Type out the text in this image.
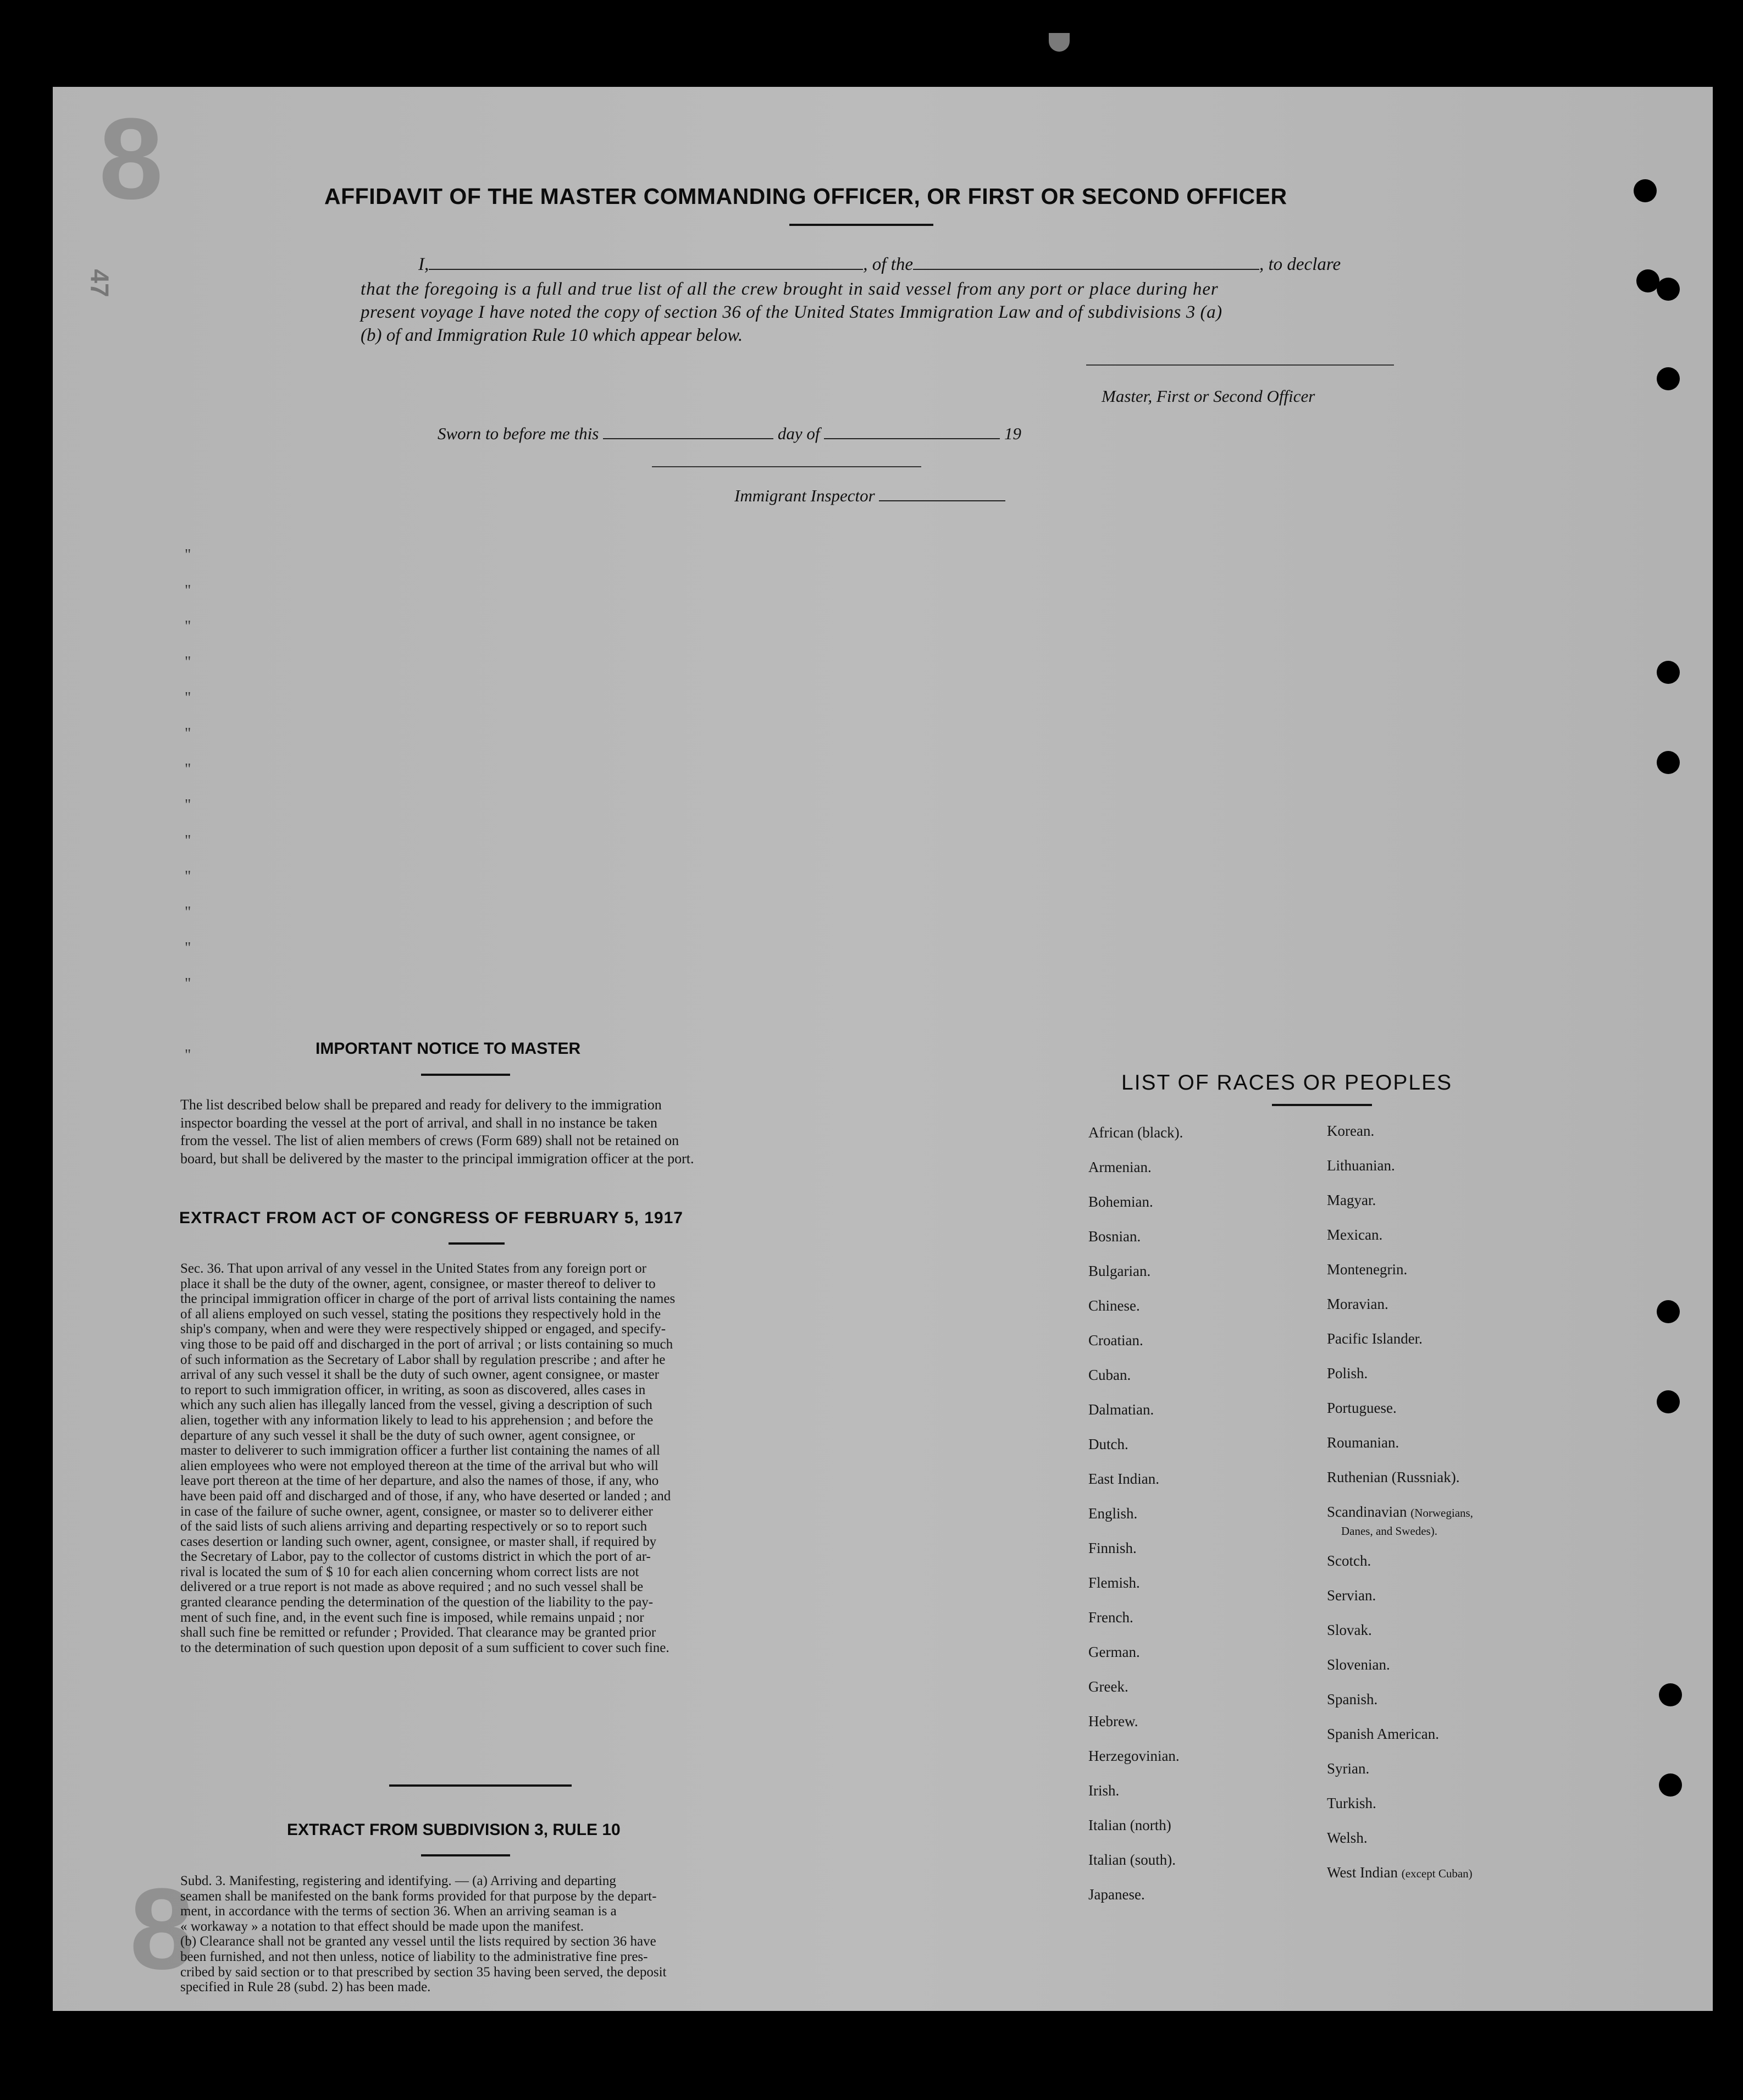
8
47
8

AFFIDAVIT OF THE MASTER COMMANDING OFFICER, OR FIRST OR SECOND OFFICER
I,	, of the	, to declare
that the foregoing is a full and true list of all the crew brought in said vessel from any port or place during her
present voyage I have noted the copy of section 36 of the United States Immigration Law and of subdivisions 3 (a)
(b) of and Immigration Rule 10 which appear below.
Master, First or Second Officer
Sworn to before me this	day of	19
Immigrant Inspector
"
"
"
"
"
"
"
"
"
"
"
"
"
"	IMPORTANT NOTICE TO MASTER

The list described below shall be prepared and ready for delivery to the immigration

inspector boarding the vessel at the port of arrival, and shall in no instance be taken

from the vessel. The list of alien members of crews (Form 689) shall not be retained on

board, but shall be delivered by the master to the principal immigration officer at the port.

EXTRACT FROM ACT OF CONGRESS OF FEBRUARY 5, 1917

Sec. 36. That upon arrival of any vessel in the United States from any foreign port or

place it shall be the duty of the owner, agent, consignee, or master thereof to deliver to

the principal immigration officer in charge of the port of arrival lists containing the names

of all aliens employed on such vessel, stating the positions they respectively hold in the

ship's company, when and were they were respectively shipped or engaged, and specify-

ving those to be paid off and discharged in the port of arrival ; or lists containing so much

of such information as the Secretary of Labor shall by regulation prescribe ; and after he

arrival of any such vessel it shall be the duty of such owner, agent consignee, or master

to report to such immigration officer, in writing, as soon as discovered, alles cases in

which any such alien has illegally lanced from the vessel, giving a description of such

alien, together with any information likely to lead to his apprehension ; and before the

departure of any such vessel it shall be the duty of such owner, agent consignee, or

master to deliverer to such immigration officer a further list containing the names of all

alien employees who were not employed thereon at the time of the arrival but who will

leave port thereon at the time of her departure, and also the names of those, if any, who

have been paid off and discharged and of those, if any, who have deserted or landed ; and

in case of the failure of suche owner, agent, consignee, or master so to deliverer either

of the said lists of such aliens arriving and departing respectively or so to report such

cases desertion or landing such owner, agent, consignee, or master shall, if required by

the Secretary of Labor, pay to the collector of customs district in which the port of ar-

rival is located the sum of $ 10 for each alien concerning whom correct lists are not

delivered or a true report is not made as above required ; and no such vessel shall be

granted clearance pending the determination of the question of the liability to the pay-

ment of such fine, and, in the event such fine is imposed, while remains unpaid ; nor

shall such fine be remitted or refunder ; Provided. That clearance may be granted prior

to the determination of such question upon deposit of a sum sufficient to cover such fine.

EXTRACT FROM SUBDIVISION 3, RULE 10

Subd. 3. Manifesting, registering and identifying. — (a) Arriving and departing

seamen shall be manifested on the bank forms provided for that purpose by the depart-

ment, in accordance with the terms of section 36. When an arriving seaman is a

« workaway » a notation to that effect should be made upon the manifest.

(b) Clearance shall not be granted any vessel until the lists required by section 36 have

been furnished, and not then unless, notice of liability to the administrative fine pres-

cribed by said section or to that prescribed by section 35 having been served, the deposit

specified in Rule 28 (subd. 2) has been made.

LIST OF RACES OR PEOPLES
African (black).
Armenian.
Bohemian.
Bosnian.
Bulgarian.
Chinese.
Croatian.
Cuban.
Dalmatian.
Dutch.
East Indian.
English.
Finnish.
Flemish.
French.
German.
Greek.
Hebrew.
Herzegovinian.
Irish.
Italian (north)
Italian (south).
Japanese.
Korean.
Lithuanian.
Magyar.
Mexican.
Montenegrin.
Moravian.
Pacific Islander.
Polish.
Portuguese.
Roumanian.
Ruthenian (Russniak).
Scandinavian (Norwegians,
Danes, and Swedes).
Scotch.
Servian.
Slovak.
Slovenian.
Spanish.
Spanish American.
Syrian.
Turkish.
Welsh.
West Indian (except Cuban)
